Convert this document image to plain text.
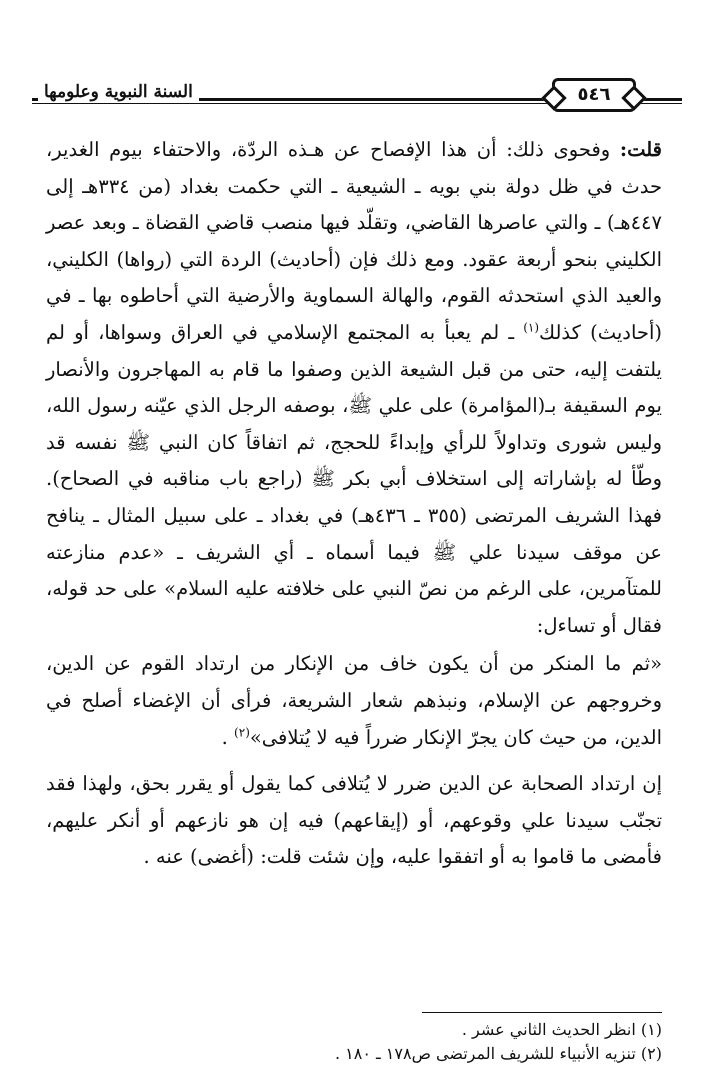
السنة النبوية وعلومها	٥٤٦

قلت: وفحوى ذلك: أن هذا الإفصاح عن هـذه الردّة، والاحتفاء بيوم الغدير، حدث في ظل دولة بني بويه ـ الشيعية ـ التي حكمت بغداد (من ٣٣٤هـ إلى ٤٤٧هـ) ـ والتي عاصرها القاضي، وتقلّد فيها منصب قاضي القضاة ـ وبعد عصر الكليني بنحو أربعة عقود. ومع ذلك فإن (أحاديث) الردة التي (رواها) الكليني، والعيد الذي استحدثه القوم، والهالة السماوية والأرضية التي أحاطوه بها ـ في (أحاديث) كذلك$^{(١)}$ ـ لم يعبأ به المجتمع الإسلامي في العراق وسواها، أو لم يلتفت إليه، حتى من قبل الشيعة الذين وصفوا ما قام به المهاجرون والأنصار يوم السقيفة بـ(المؤامرة) على علي ﷺ، بوصفه الرجل الذي عيّنه رسول الله، وليس شورى وتداولاً للرأي وإبداءً للحجج، ثم اتفاقاً كان النبي ﷺ نفسه قد وطّأ له بإشاراته إلى استخلاف أبي بكر ﷺ (راجع باب مناقبه في الصحاح). فهذا الشريف المرتضى (٣٥٥ ـ ٤٣٦هـ) في بغداد ـ على سبيل المثال ـ ينافح عن موقف سيدنا علي ﷺ فيما أسماه ـ أي الشريف ـ «عدم منازعته للمتآمرين، على الرغم من نصّ النبي على خلافته عليه السلام» على حد قوله، فقال أو تساءل:

«ثم ما المنكر من أن يكون خاف من الإنكار من ارتداد القوم عن الدين، وخروجهم عن الإسلام، ونبذهم شعار الشريعة، فرأى أن الإغضاء أصلح في الدين، من حيث كان يجرّ الإنكار ضرراً فيه لا يُتلافى»$^{(٢)}$ .

إن ارتداد الصحابة عن الدين ضرر لا يُتلافى كما يقول أو يقرر بحق، ولهذا فقد تجنّب سيدنا علي وقوعهم، أو (إيقاعهم) فيه إن هو نازعهم أو أنكر عليهم، فأمضى ما قاموا به أو اتفقوا عليه، وإن شئت قلت: (أغضى) عنه .

(١) انظر الحديث الثاني عشر .

(٢) تنزيه الأنبياء للشريف المرتضى ص١٧٨ ـ ١٨٠ .
